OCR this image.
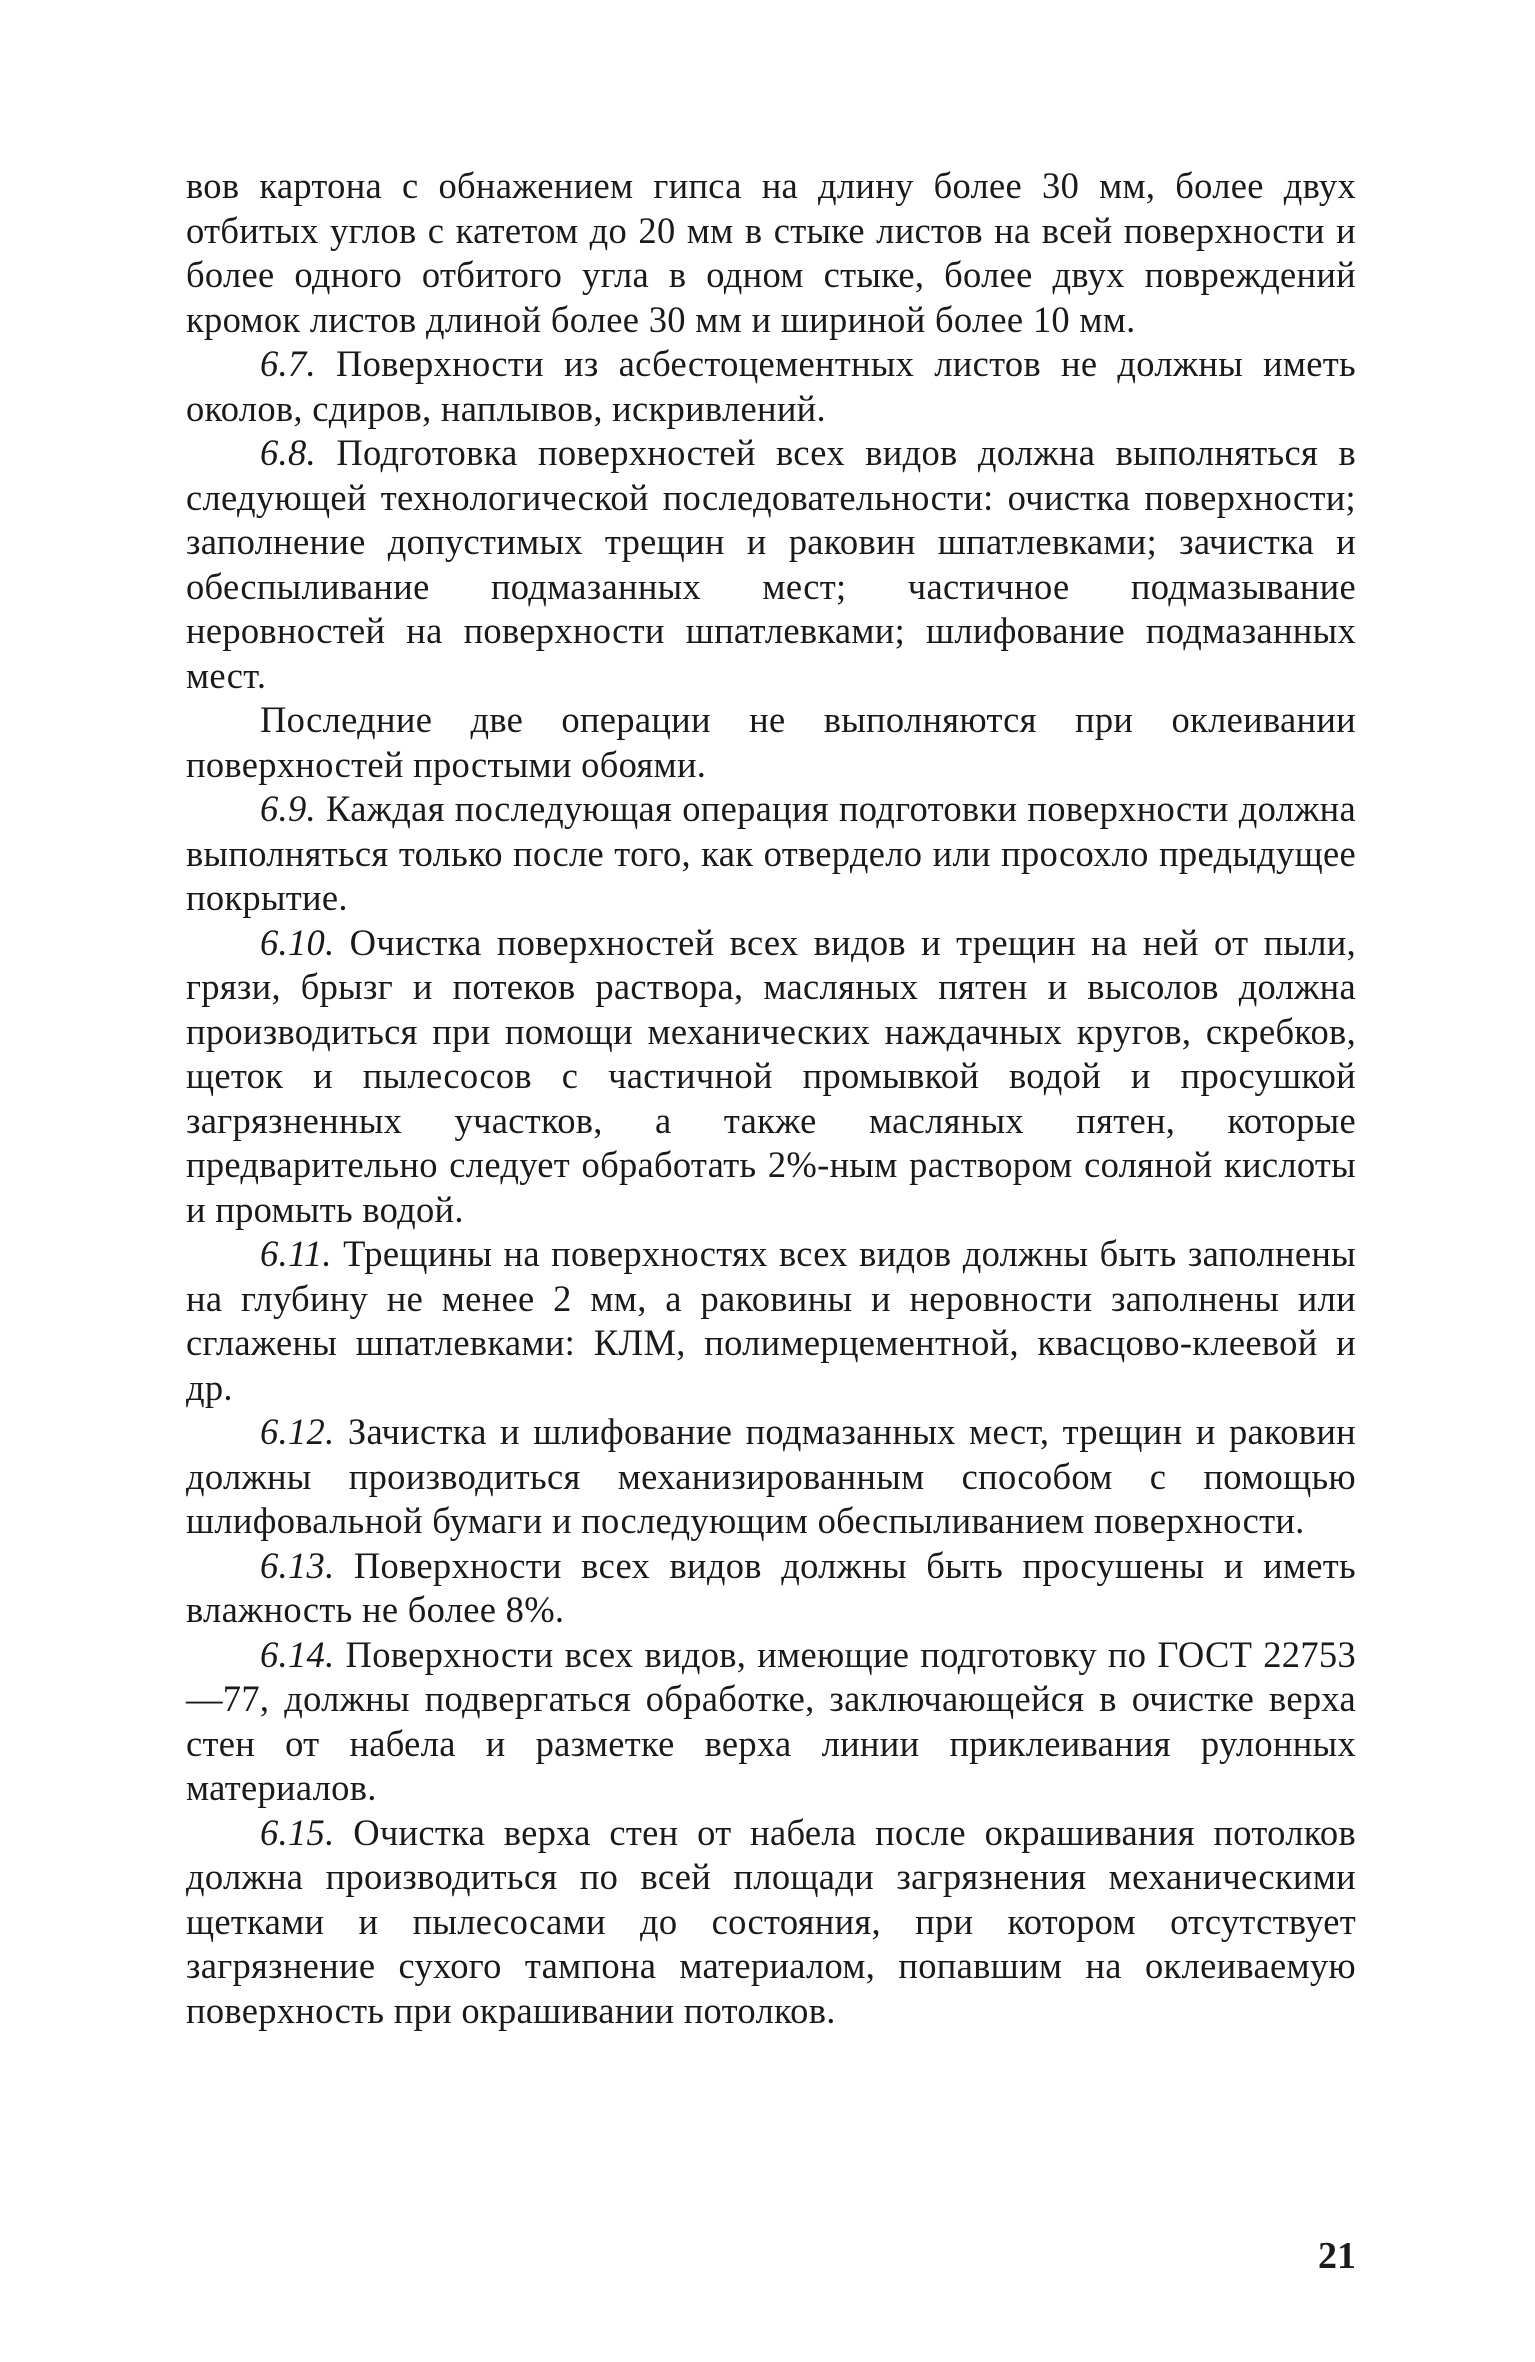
вов картона с обнажением гипса на длину более 30 мм, более двух отбитых углов с катетом до 20 мм в стыке листов на всей поверхности и более одного отбитого угла в одном стыке, более двух повреждений кромок листов длиной более 30 мм и шириной более 10 мм.

6.7. Поверхности из асбестоцементных листов не должны иметь околов, сдиров, наплывов, искривлений.

6.8. Подготовка поверхностей всех видов должна выполняться в следующей технологической последовательности: очистка поверхности; заполнение допустимых трещин и раковин шпатлевками; зачистка и обеспыливание подмазанных мест; частичное подмазывание неровностей на поверхности шпатлевками; шлифование подмазанных мест.

Последние две операции не выполняются при оклеивании поверхностей простыми обоями.

6.9. Каждая последующая операция подготовки поверхности должна выполняться только после того, как отвердело или просохло предыдущее покрытие.

6.10. Очистка поверхностей всех видов и трещин на ней от пыли, грязи, брызг и потеков раствора, масляных пятен и высолов должна производиться при помощи механических наждачных кругов, скребков, щеток и пылесосов с частичной промывкой водой и просушкой загрязненных участков, а также масляных пятен, которые предварительно следует обработать 2%-ным раствором соляной кислоты и промыть водой.

6.11. Трещины на поверхностях всех видов должны быть заполнены на глубину не менее 2 мм, а раковины и неровности заполнены или сглажены шпатлевками: КЛМ, полимерцементной, квасцово-клеевой и др.

6.12. Зачистка и шлифование подмазанных мест, трещин и раковин должны производиться механизированным способом с помощью шлифовальной бумаги и последующим обеспыливанием поверхности.

6.13. Поверхности всех видов должны быть просушены и иметь влажность не более 8%.

6.14. Поверхности всех видов, имеющие подготовку по ГОСТ 22753—77, должны подвергаться обработке, заключающейся в очистке верха стен от набела и разметке верха линии приклеивания рулонных материалов.

6.15. Очистка верха стен от набела после окрашивания потолков должна производиться по всей площади загрязнения механическими щетками и пылесосами до состояния, при котором отсутствует загрязнение сухого тампона материалом, попавшим на оклеиваемую поверхность при окрашивании потолков.

21
